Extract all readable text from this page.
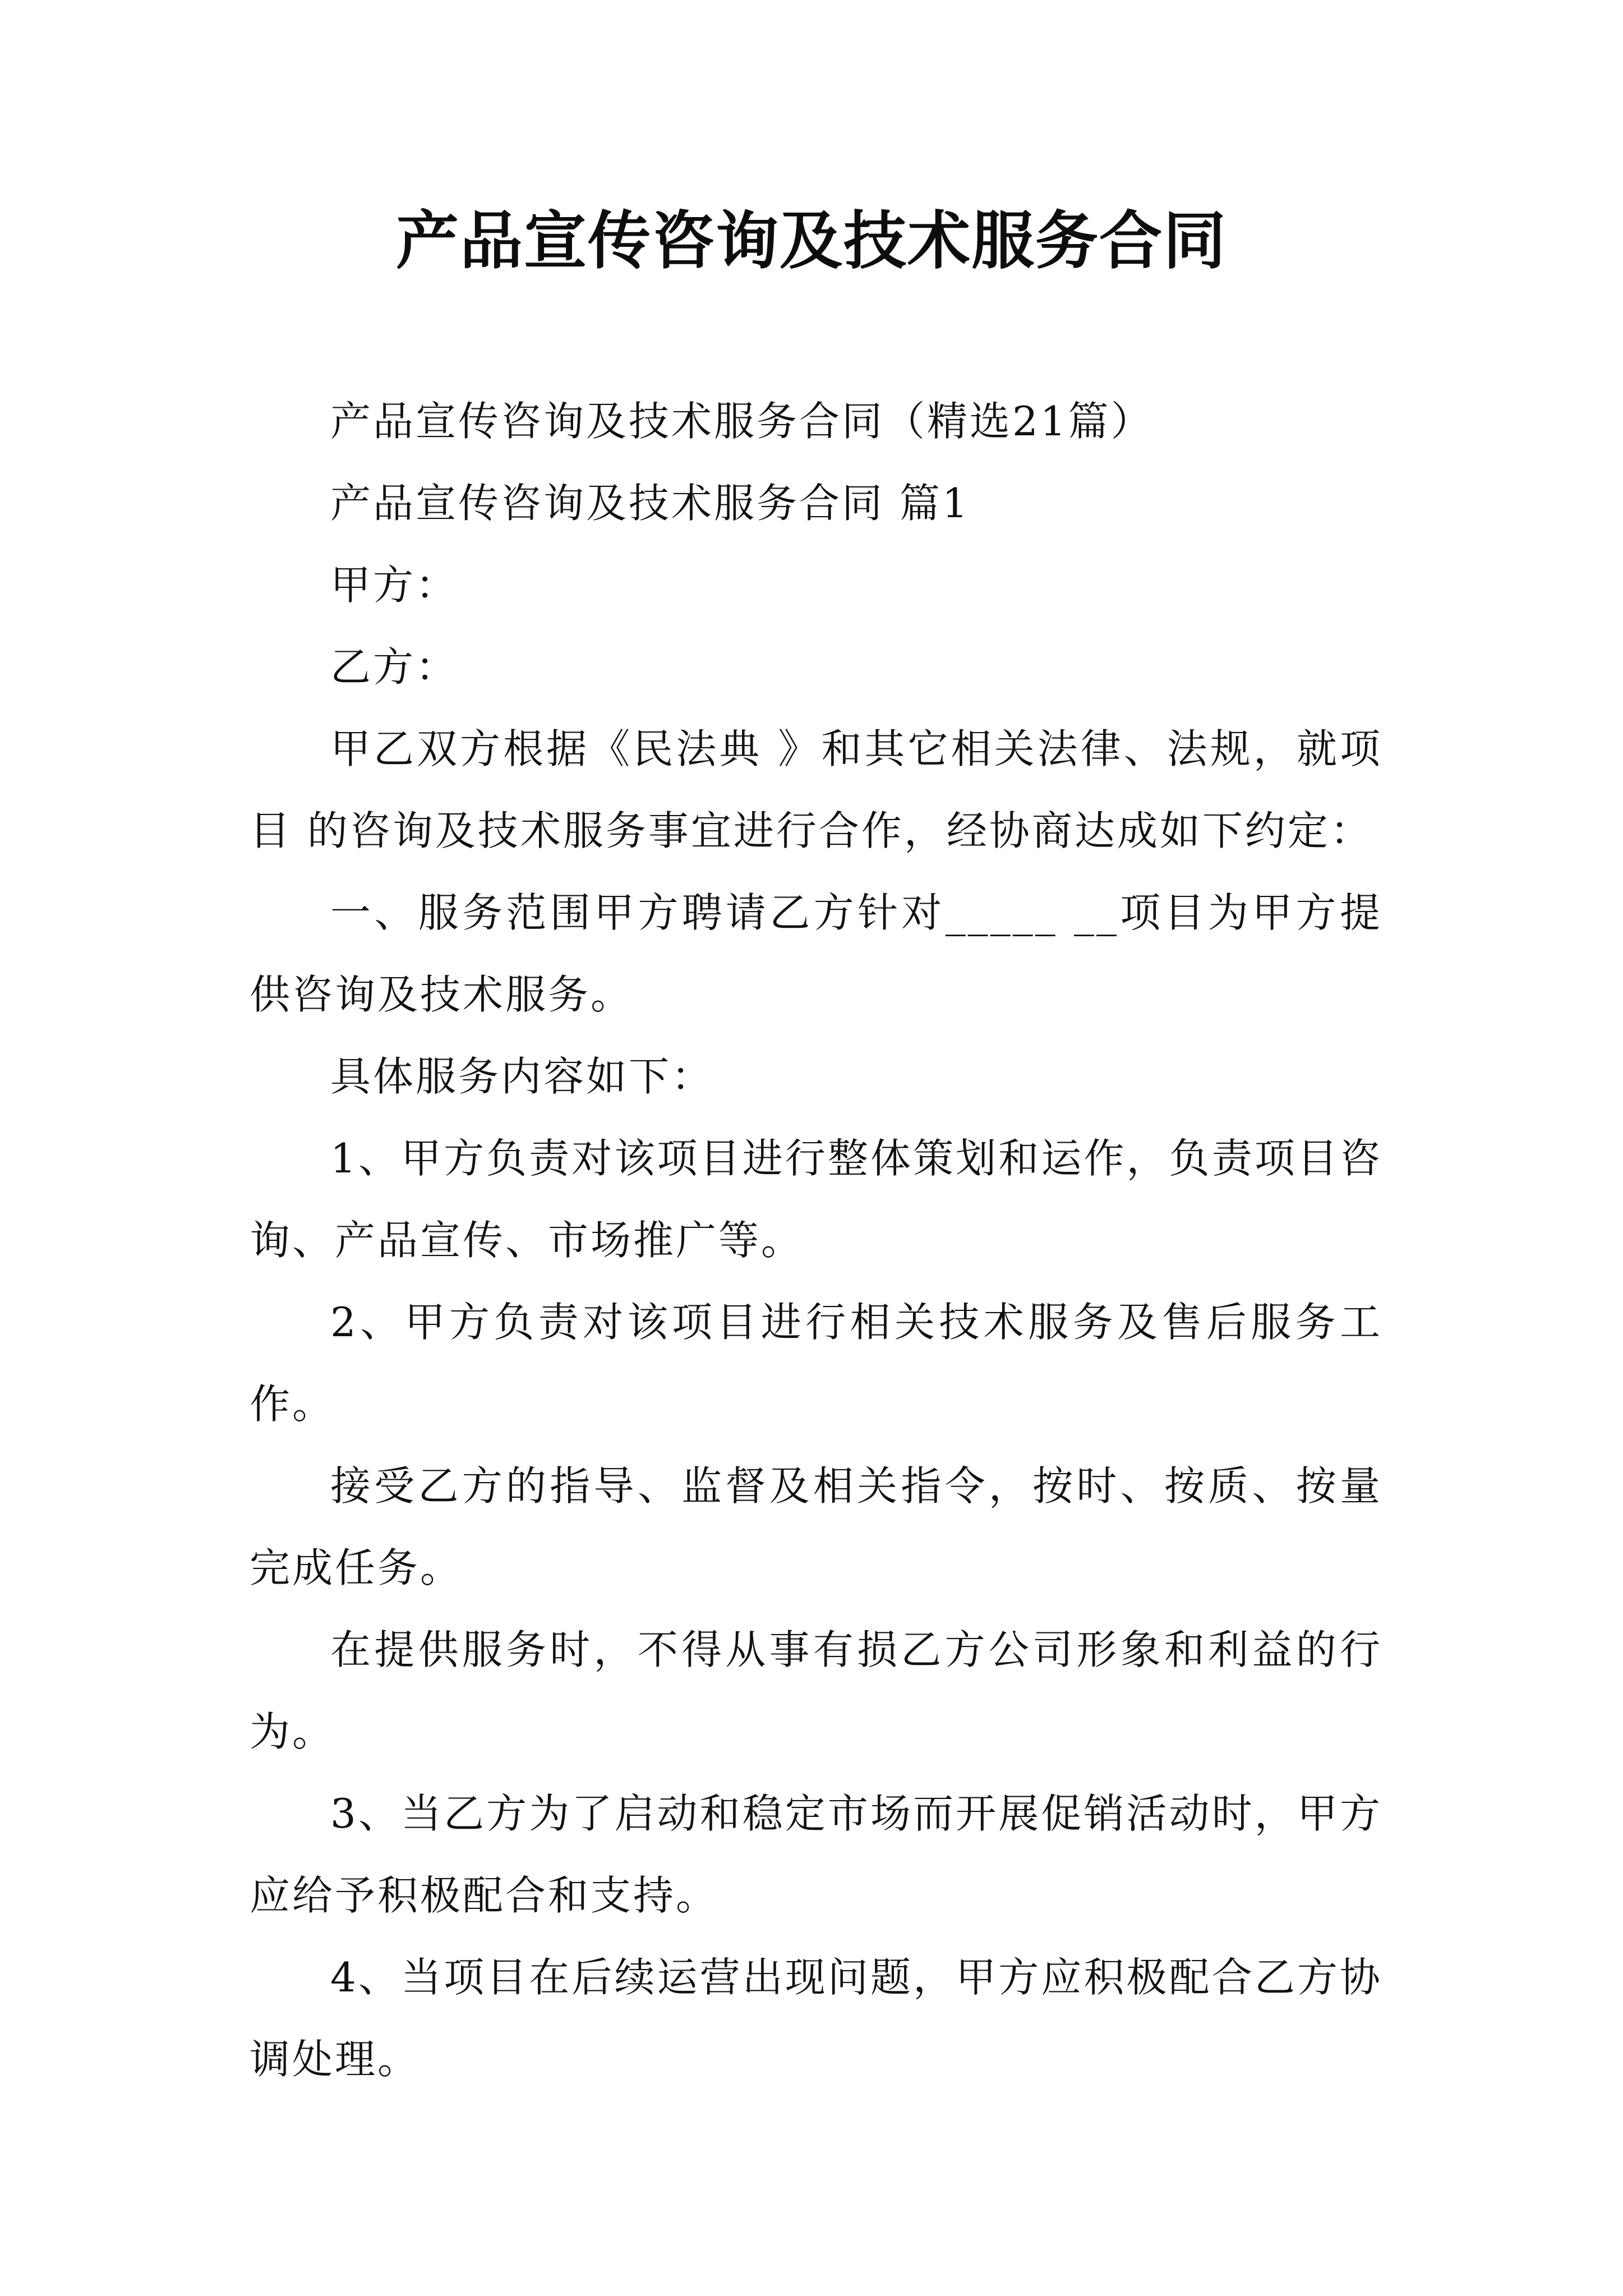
产品宣传咨询及技术服务合同

产品宣传咨询及技术服务合同（精选21篇）

产品宣传咨询及技术服务合同 篇1

甲方：

乙方：

甲乙双方根据《民法典 》和其它相关法律、法规，就项目 的咨询及技术服务事宜进行合作，经协商达成如下约定：

一、服务范围甲方聘请乙方针对_____ __项目为甲方提供咨询及技术服务。

具体服务内容如下：

1、甲方负责对该项目进行整体策划和运作，负责项目咨询、产品宣传、市场推广等。

2、甲方负责对该项目进行相关技术服务及售后服务工作。

接受乙方的指导、监督及相关指令，按时、按质、按量完成任务。

在提供服务时，不得从事有损乙方公司形象和利益的行为。

3、当乙方为了启动和稳定市场而开展促销活动时，甲方应给予积极配合和支持。

4、当项目在后续运营出现问题，甲方应积极配合乙方协调处理。
